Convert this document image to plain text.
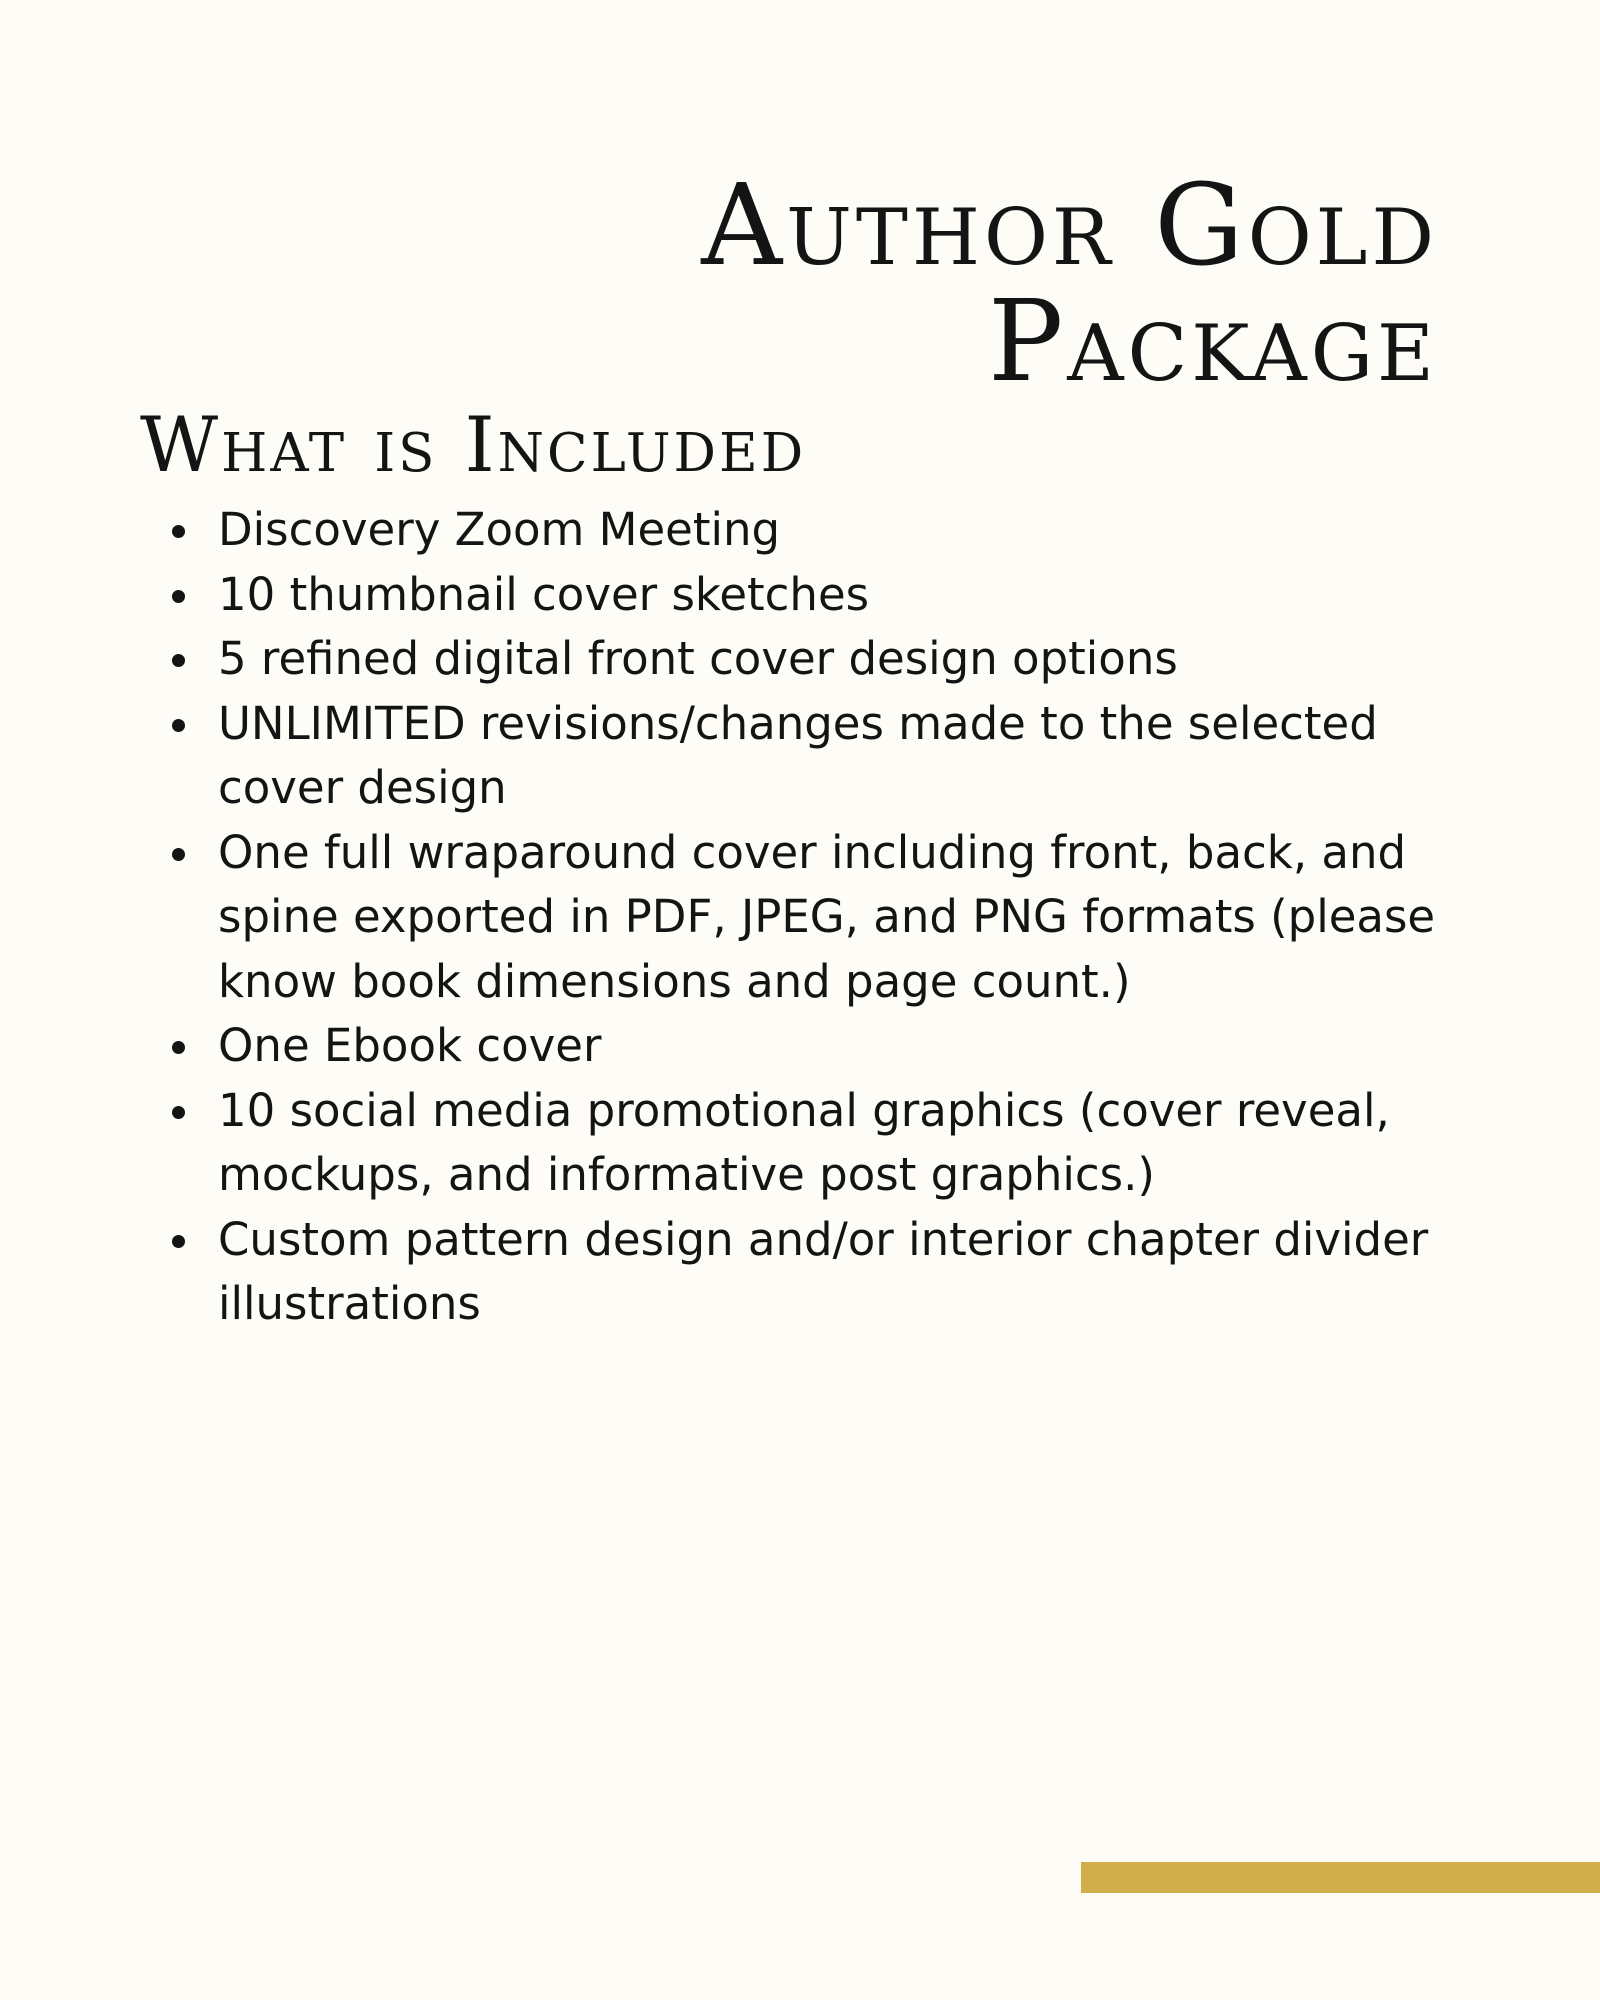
Author Gold
Package
What is Included
Discovery Zoom Meeting
10 thumbnail cover sketches
5 refined digital front cover design options
UNLIMITED revisions/changes made to the selected cover design
One full wraparound cover including front, back, and spine exported in PDF, JPEG, and PNG formats (please know book dimensions and page count.)
One Ebook cover
10 social media promotional graphics (cover reveal, mockups, and informative post graphics.)
Custom pattern design and/or interior chapter divider illustrations
